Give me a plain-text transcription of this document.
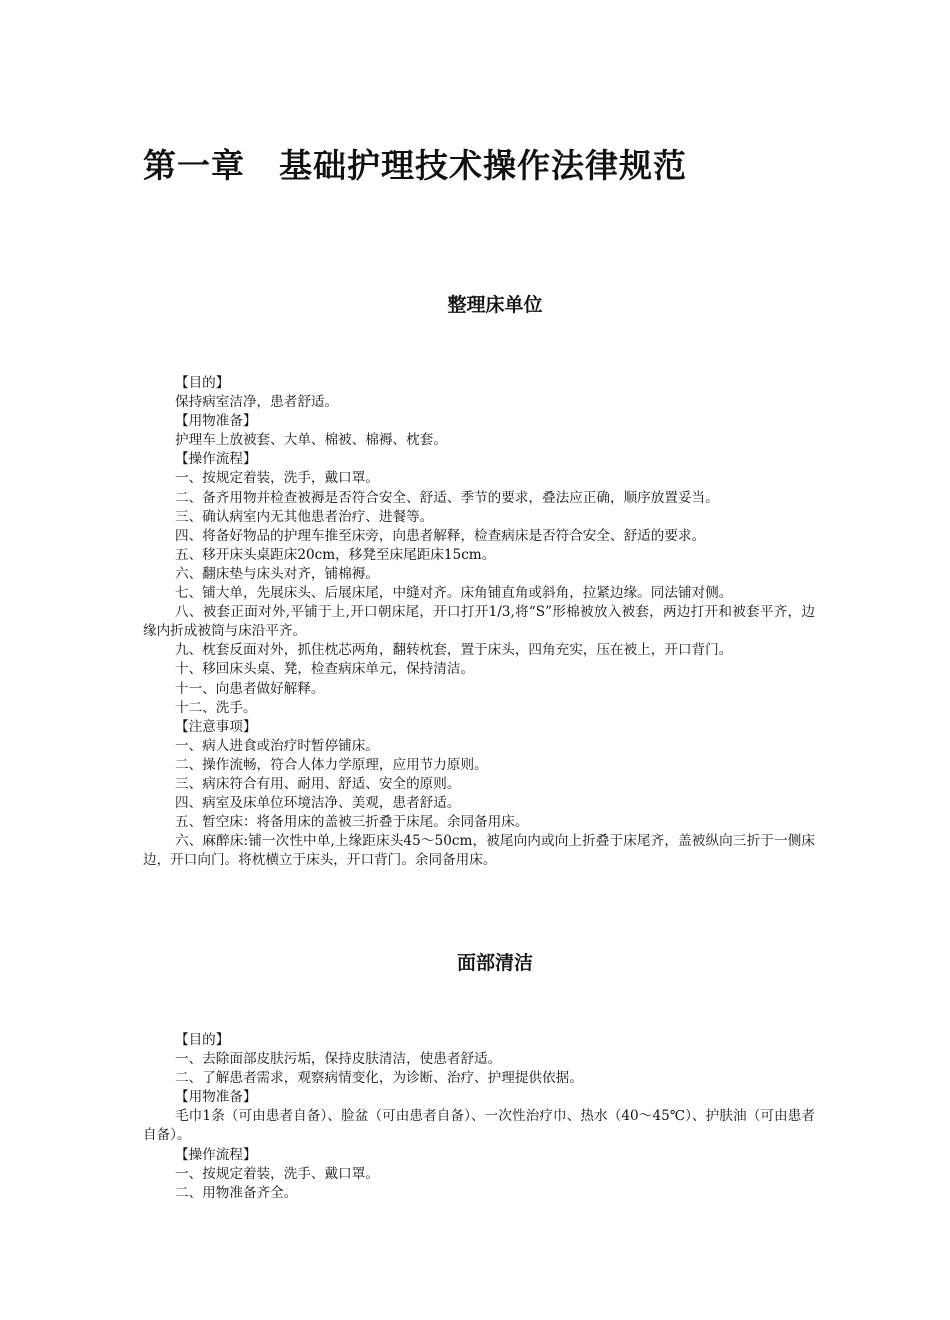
第一章 基础护理技术操作法律规范
整理床单位

【目的】

保持病室洁净，患者舒适。

【用物准备】

护理车上放被套、大单、棉被、棉褥、枕套。

【操作流程】

一、按规定着装，洗手，戴口罩。

二、备齐用物并检查被褥是否符合安全、舒适、季节的要求，叠法应正确，顺序放置妥当。

三、确认病室内无其他患者治疗、进餐等。

四、将备好物品的护理车推至床旁，向患者解释，检查病床是否符合安全、舒适的要求。

五、移开床头桌距床20cm，移凳至床尾距床15cm。

六、翻床垫与床头对齐，铺棉褥。

七、铺大单，先展床头、后展床尾，中缝对齐。床角铺直角或斜角，拉紧边缘。同法铺对侧。

八、被套正面对外,平铺于上,开口朝床尾，开口打开1/3,将“S”形棉被放入被套，两边打开和被套平齐，边缘内折成被筒与床沿平齐。

九、枕套反面对外，抓住枕芯两角，翻转枕套，置于床头，四角充实，压在被上，开口背门。

十、移回床头桌、凳，检查病床单元，保持清洁。

十一、向患者做好解释。

十二、洗手。

【注意事项】

一、病人进食或治疗时暂停铺床。

二、操作流畅，符合人体力学原理，应用节力原则。

三、病床符合有用、耐用、舒适、安全的原则。

四、病室及床单位环境洁净、美观，患者舒适。

五、暂空床：将备用床的盖被三折叠于床尾。余同备用床。

六、麻醉床:铺一次性中单,上缘距床头45～50cm，被尾向内或向上折叠于床尾齐，盖被纵向三折于一侧床边，开口向门。将枕横立于床头，开口背门。余同备用床。

面部清洁

【目的】

一、去除面部皮肤污垢，保持皮肤清洁，使患者舒适。

二、了解患者需求，观察病情变化，为诊断、治疗、护理提供依据。

【用物准备】

毛巾1条（可由患者自备）、脸盆（可由患者自备）、一次性治疗巾、热水（40～45℃）、护肤油（可由患者自备）。

【操作流程】

一、按规定着装，洗手、戴口罩。

二、用物准备齐全。
